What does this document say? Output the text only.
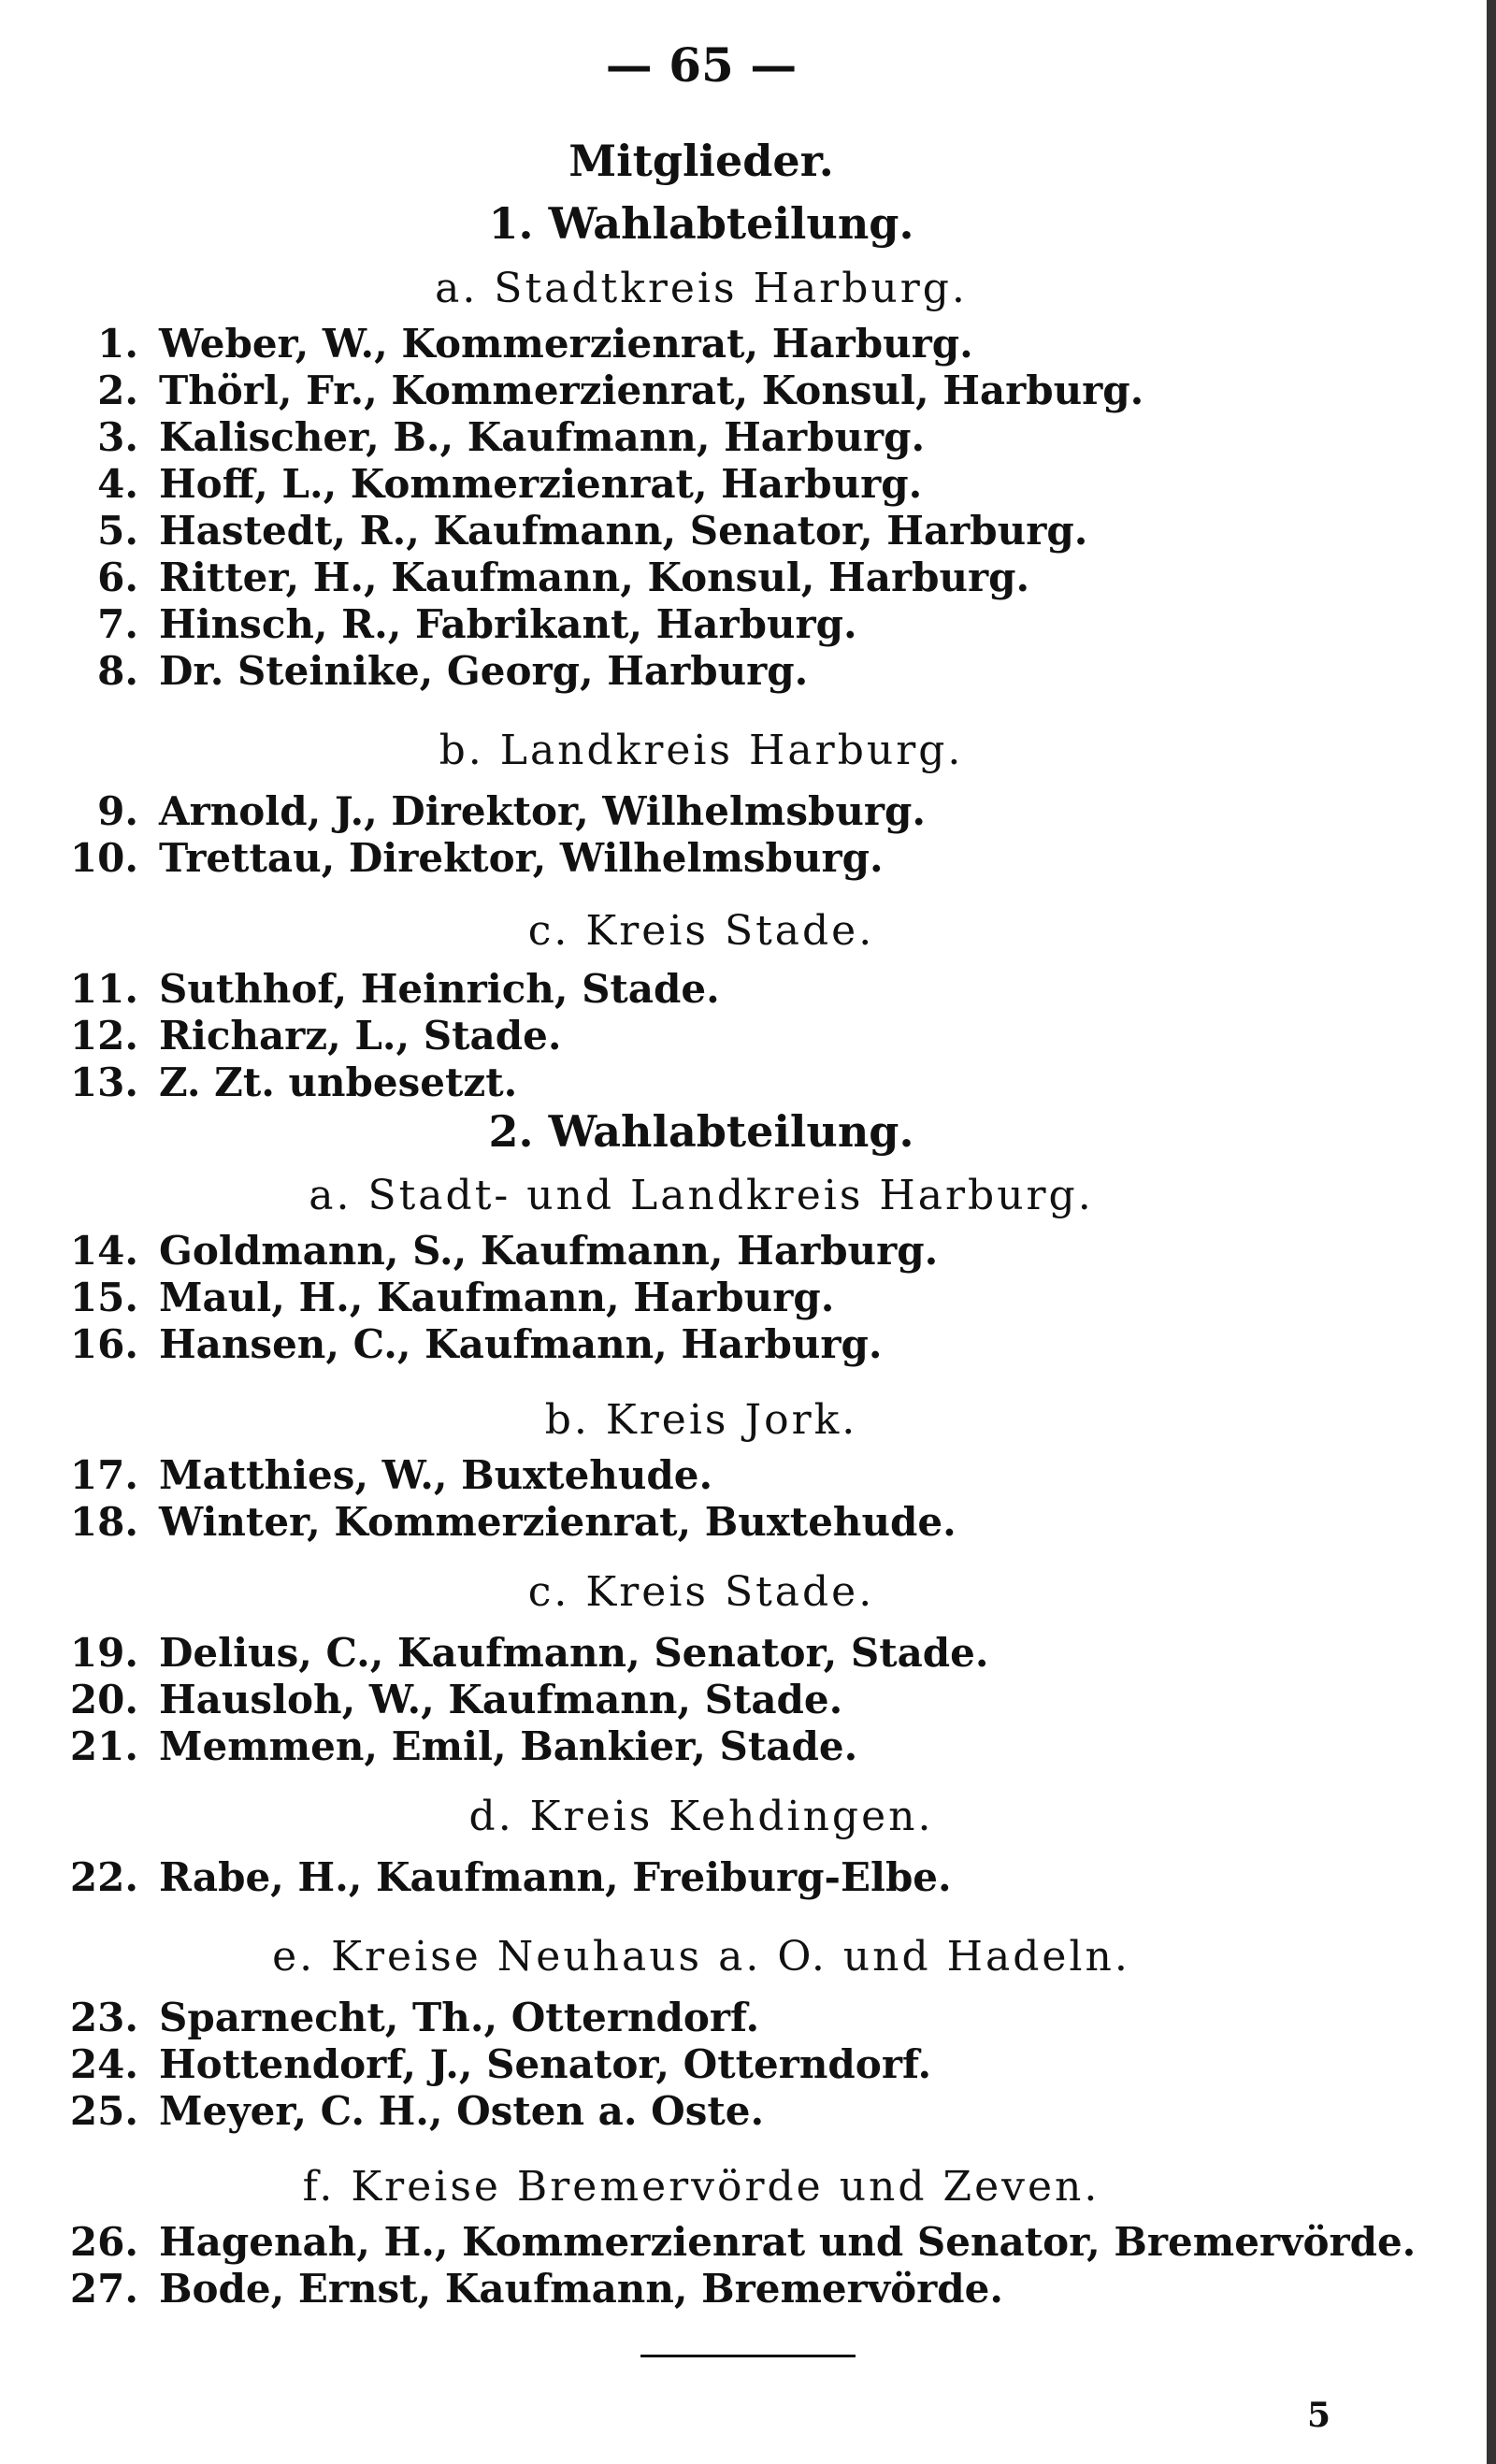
— 65 —
Mitglieder.
1. Wahlabteilung.
a. Stadtkreis Harburg.
1. Weber, W., Kommerzienrat, Harburg.
2. Thörl, Fr., Kommerzienrat, Konsul, Harburg.
3. Kalischer, B., Kaufmann, Harburg.
4. Hoff, L., Kommerzienrat, Harburg.
5. Hastedt, R., Kaufmann, Senator, Harburg.
6. Ritter, H., Kaufmann, Konsul, Harburg.
7. Hinsch, R., Fabrikant, Harburg.
8. Dr. Steinike, Georg, Harburg.
b. Landkreis Harburg.
9. Arnold, J., Direktor, Wilhelmsburg.
10. Trettau, Direktor, Wilhelmsburg.
c. Kreis Stade.
11. Suthhof, Heinrich, Stade.
12. Richarz, L., Stade.
13. Z. Zt. unbesetzt.
2. Wahlabteilung.
a. Stadt- und Landkreis Harburg.
14. Goldmann, S., Kaufmann, Harburg.
15. Maul, H., Kaufmann, Harburg.
16. Hansen, C., Kaufmann, Harburg.
b. Kreis Jork.
17. Matthies, W., Buxtehude.
18. Winter, Kommerzienrat, Buxtehude.
c. Kreis Stade.
19. Delius, C., Kaufmann, Senator, Stade.
20. Hausloh, W., Kaufmann, Stade.
21. Memmen, Emil, Bankier, Stade.
d. Kreis Kehdingen.
22. Rabe, H., Kaufmann, Freiburg-Elbe.
e. Kreise Neuhaus a. O. und Hadeln.
23. Sparnecht, Th., Otterndorf.
24. Hottendorf, J., Senator, Otterndorf.
25. Meyer, C. H., Osten a. Oste.
f. Kreise Bremervörde und Zeven.
26. Hagenah, H., Kommerzienrat und Senator, Bremervörde.
27. Bode, Ernst, Kaufmann, Bremervörde.
5
